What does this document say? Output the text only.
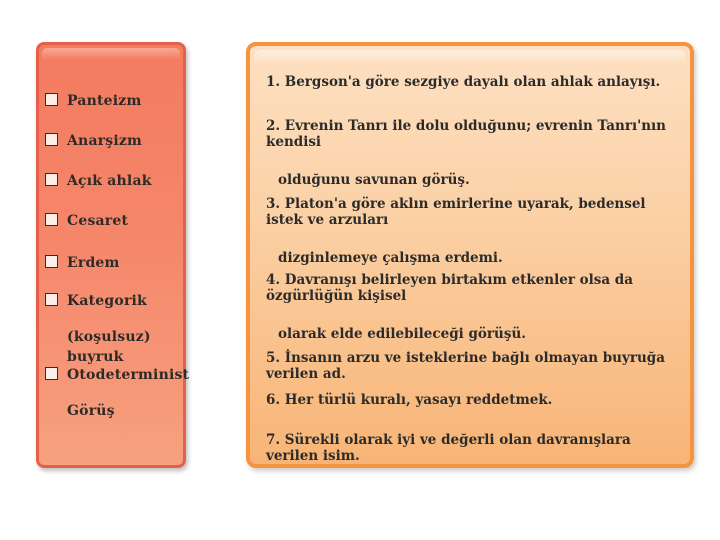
Panteizm
Anarşizm
Açık ahlak
Cesaret
Erdem
Kategorik
(koşulsuz) buyruk
Otodeterminist
Görüş

1. Bergson'a göre sezgiye dayalı olan ahlak anlayışı.

2. Evrenin Tanrı ile dolu olduğunu; evrenin Tanrı'nın kendisi
olduğunu savunan görüş.

3. Platon'a göre aklın emirlerine uyarak, bedensel istek ve arzuları
dizginlemeye çalışma erdemi.

4. Davranışı belirleyen birtakım etkenler olsa da özgürlüğün kişisel
olarak elde edilebileceği görüşü.

5. İnsanın arzu ve isteklerine bağlı olmayan buyruğa verilen ad.

6. Her türlü kuralı, yasayı reddetmek.

7. Sürekli olarak iyi ve değerli olan davranışlara verilen isim.
